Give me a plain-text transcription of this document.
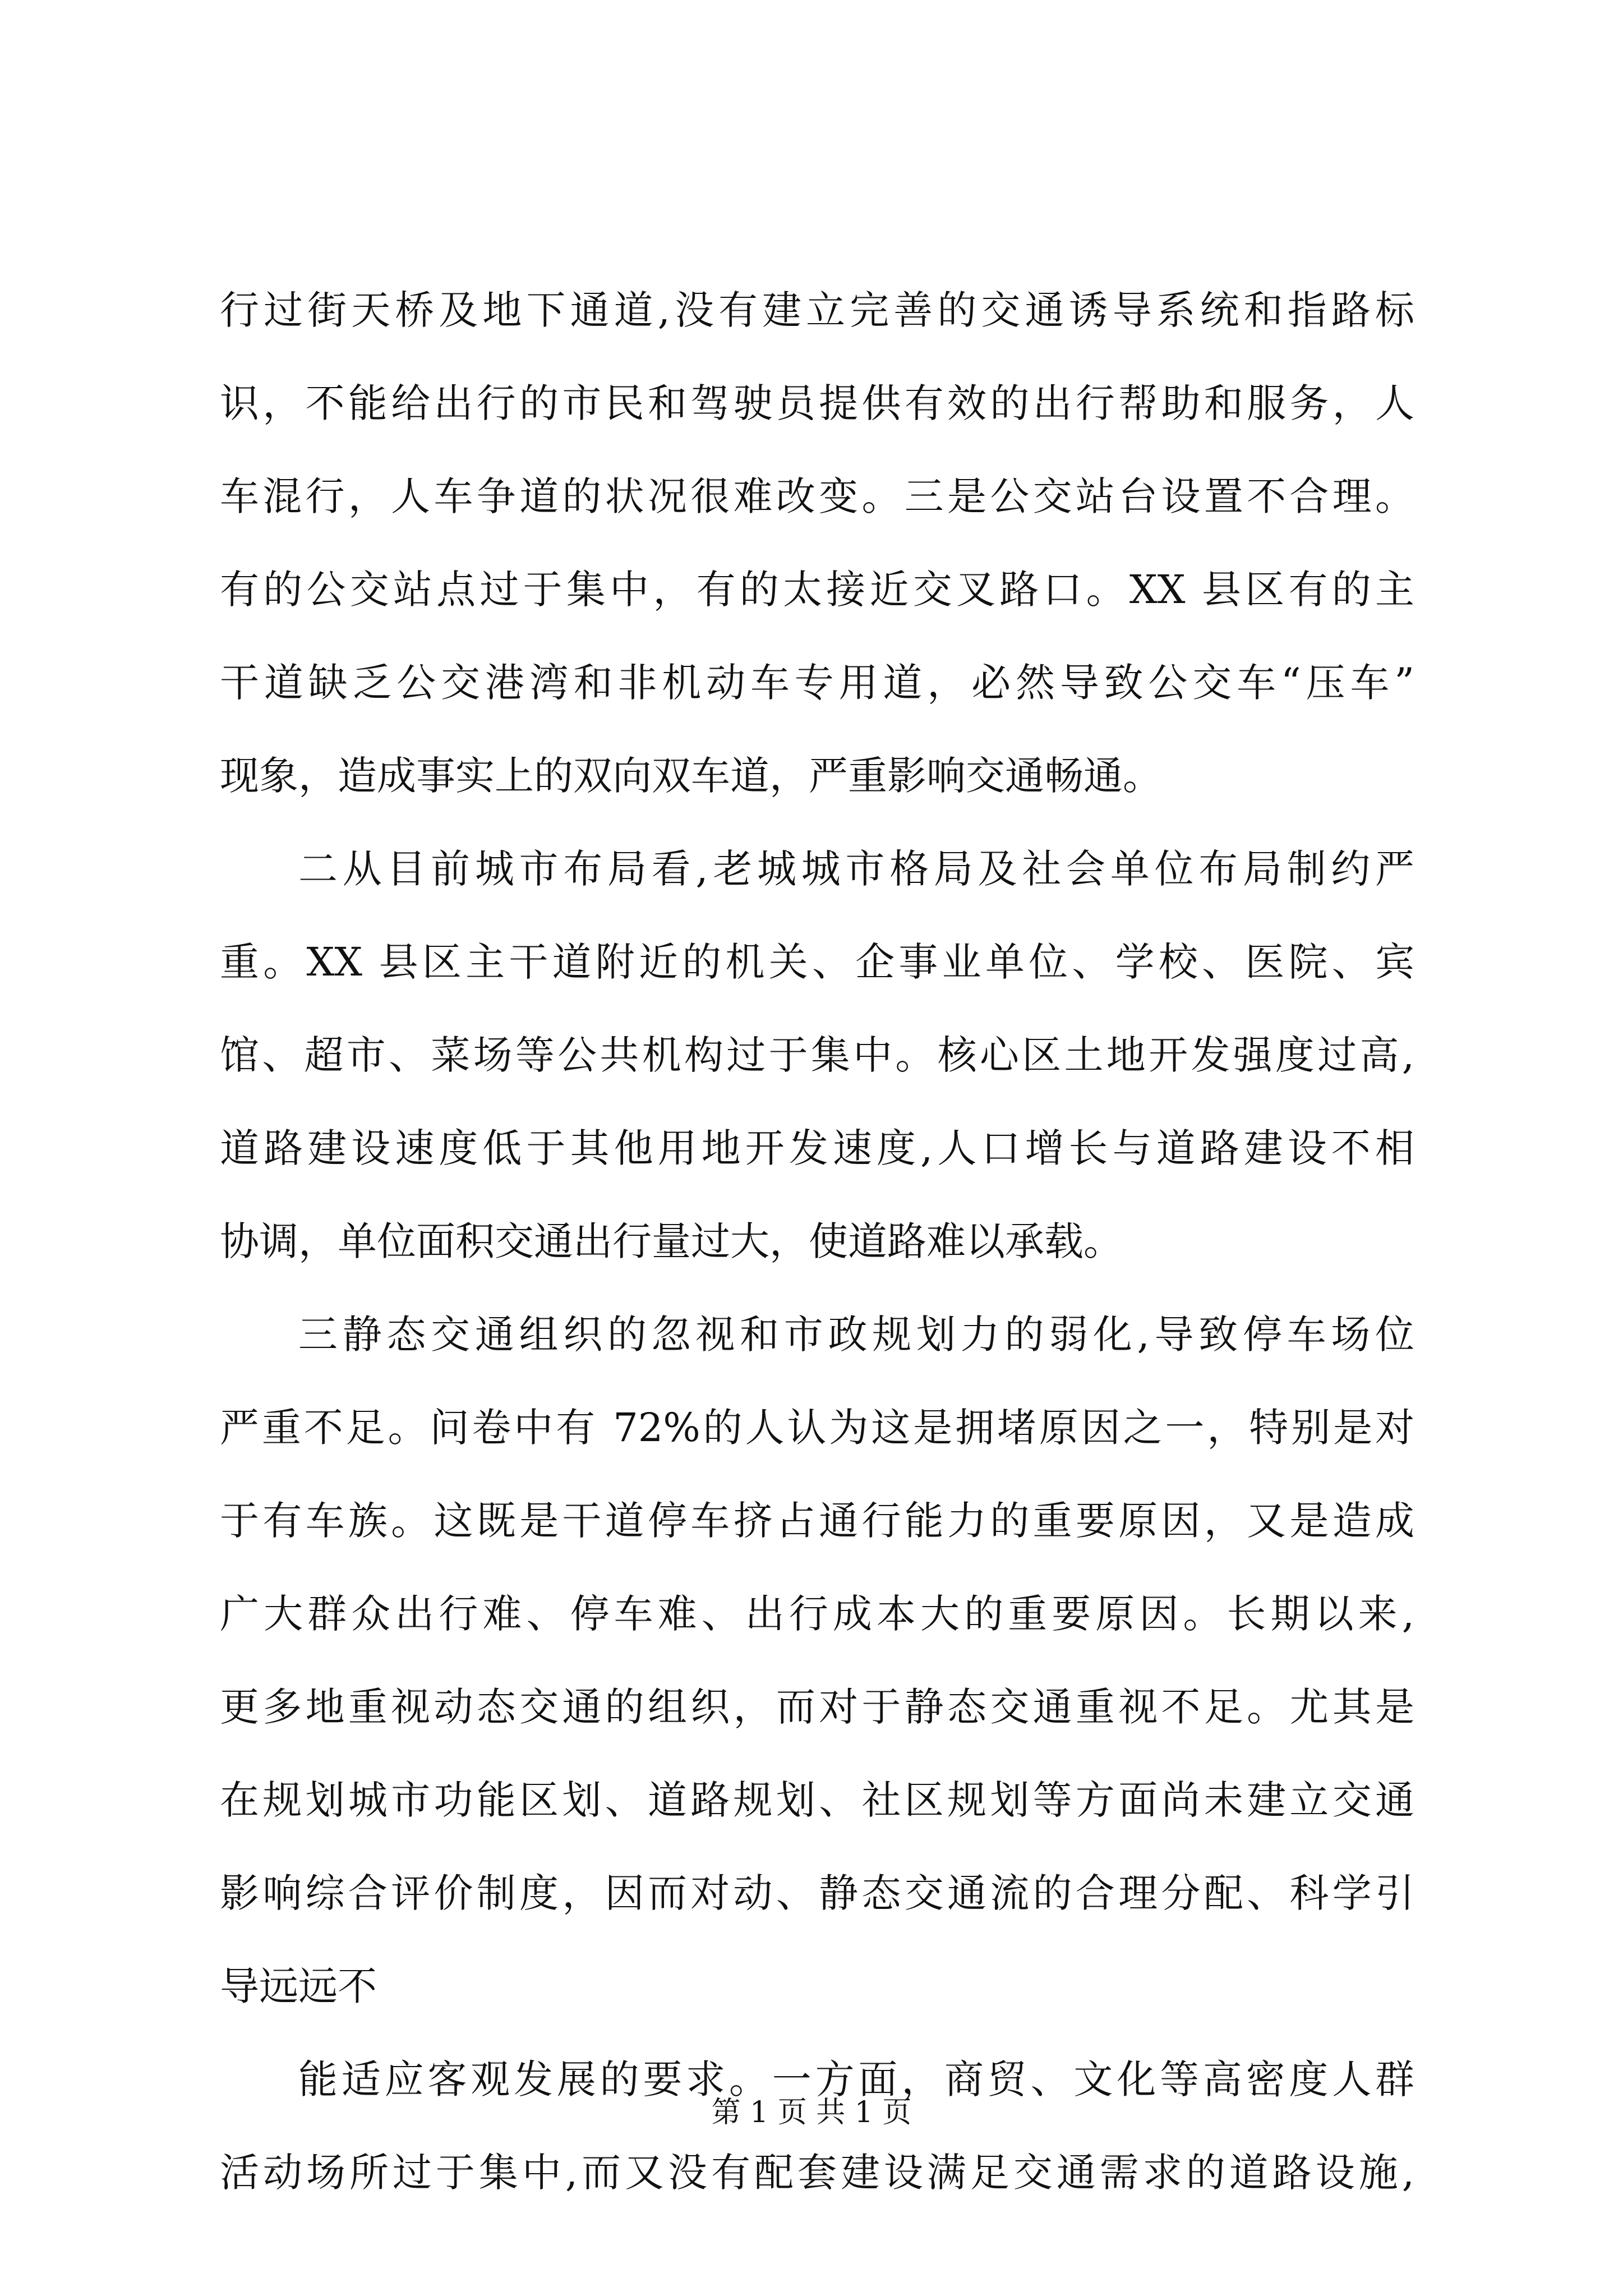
行过街天桥及地下通道,没有建立完善的交通诱导系统和指路标
识，不能给出行的市民和驾驶员提供有效的出行帮助和服务，人
车混行，人车争道的状况很难改变。三是公交站台设置不合理。
有的公交站点过于集中，有的太接近交叉路口。XX 县区有的主
干道缺乏公交港湾和非机动车专用道，必然导致公交车“压车”
现象，造成事实上的双向双车道，严重影响交通畅通。

二从目前城市布局看,老城城市格局及社会单位布局制约严
重。XX 县区主干道附近的机关、企事业单位、学校、医院、宾
馆、超市、菜场等公共机构过于集中。核心区土地开发强度过高,
道路建设速度低于其他用地开发速度,人口增长与道路建设不相
协调，单位面积交通出行量过大，使道路难以承载。

三静态交通组织的忽视和市政规划力的弱化,导致停车场位
严重不足。问卷中有 72%的人认为这是拥堵原因之一，特别是对
于有车族。这既是干道停车挤占通行能力的重要原因，又是造成
广大群众出行难、停车难、出行成本大的重要原因。长期以来,
更多地重视动态交通的组织，而对于静态交通重视不足。尤其是
在规划城市功能区划、道路规划、社区规划等方面尚未建立交通
影响综合评价制度，因而对动、静态交通流的合理分配、科学引
导远远不

能适应客观发展的要求。一方面，商贸、文化等高密度人群
活动场所过于集中,而又没有配套建设满足交通需求的道路设施,

第 1 页 共 1 页
